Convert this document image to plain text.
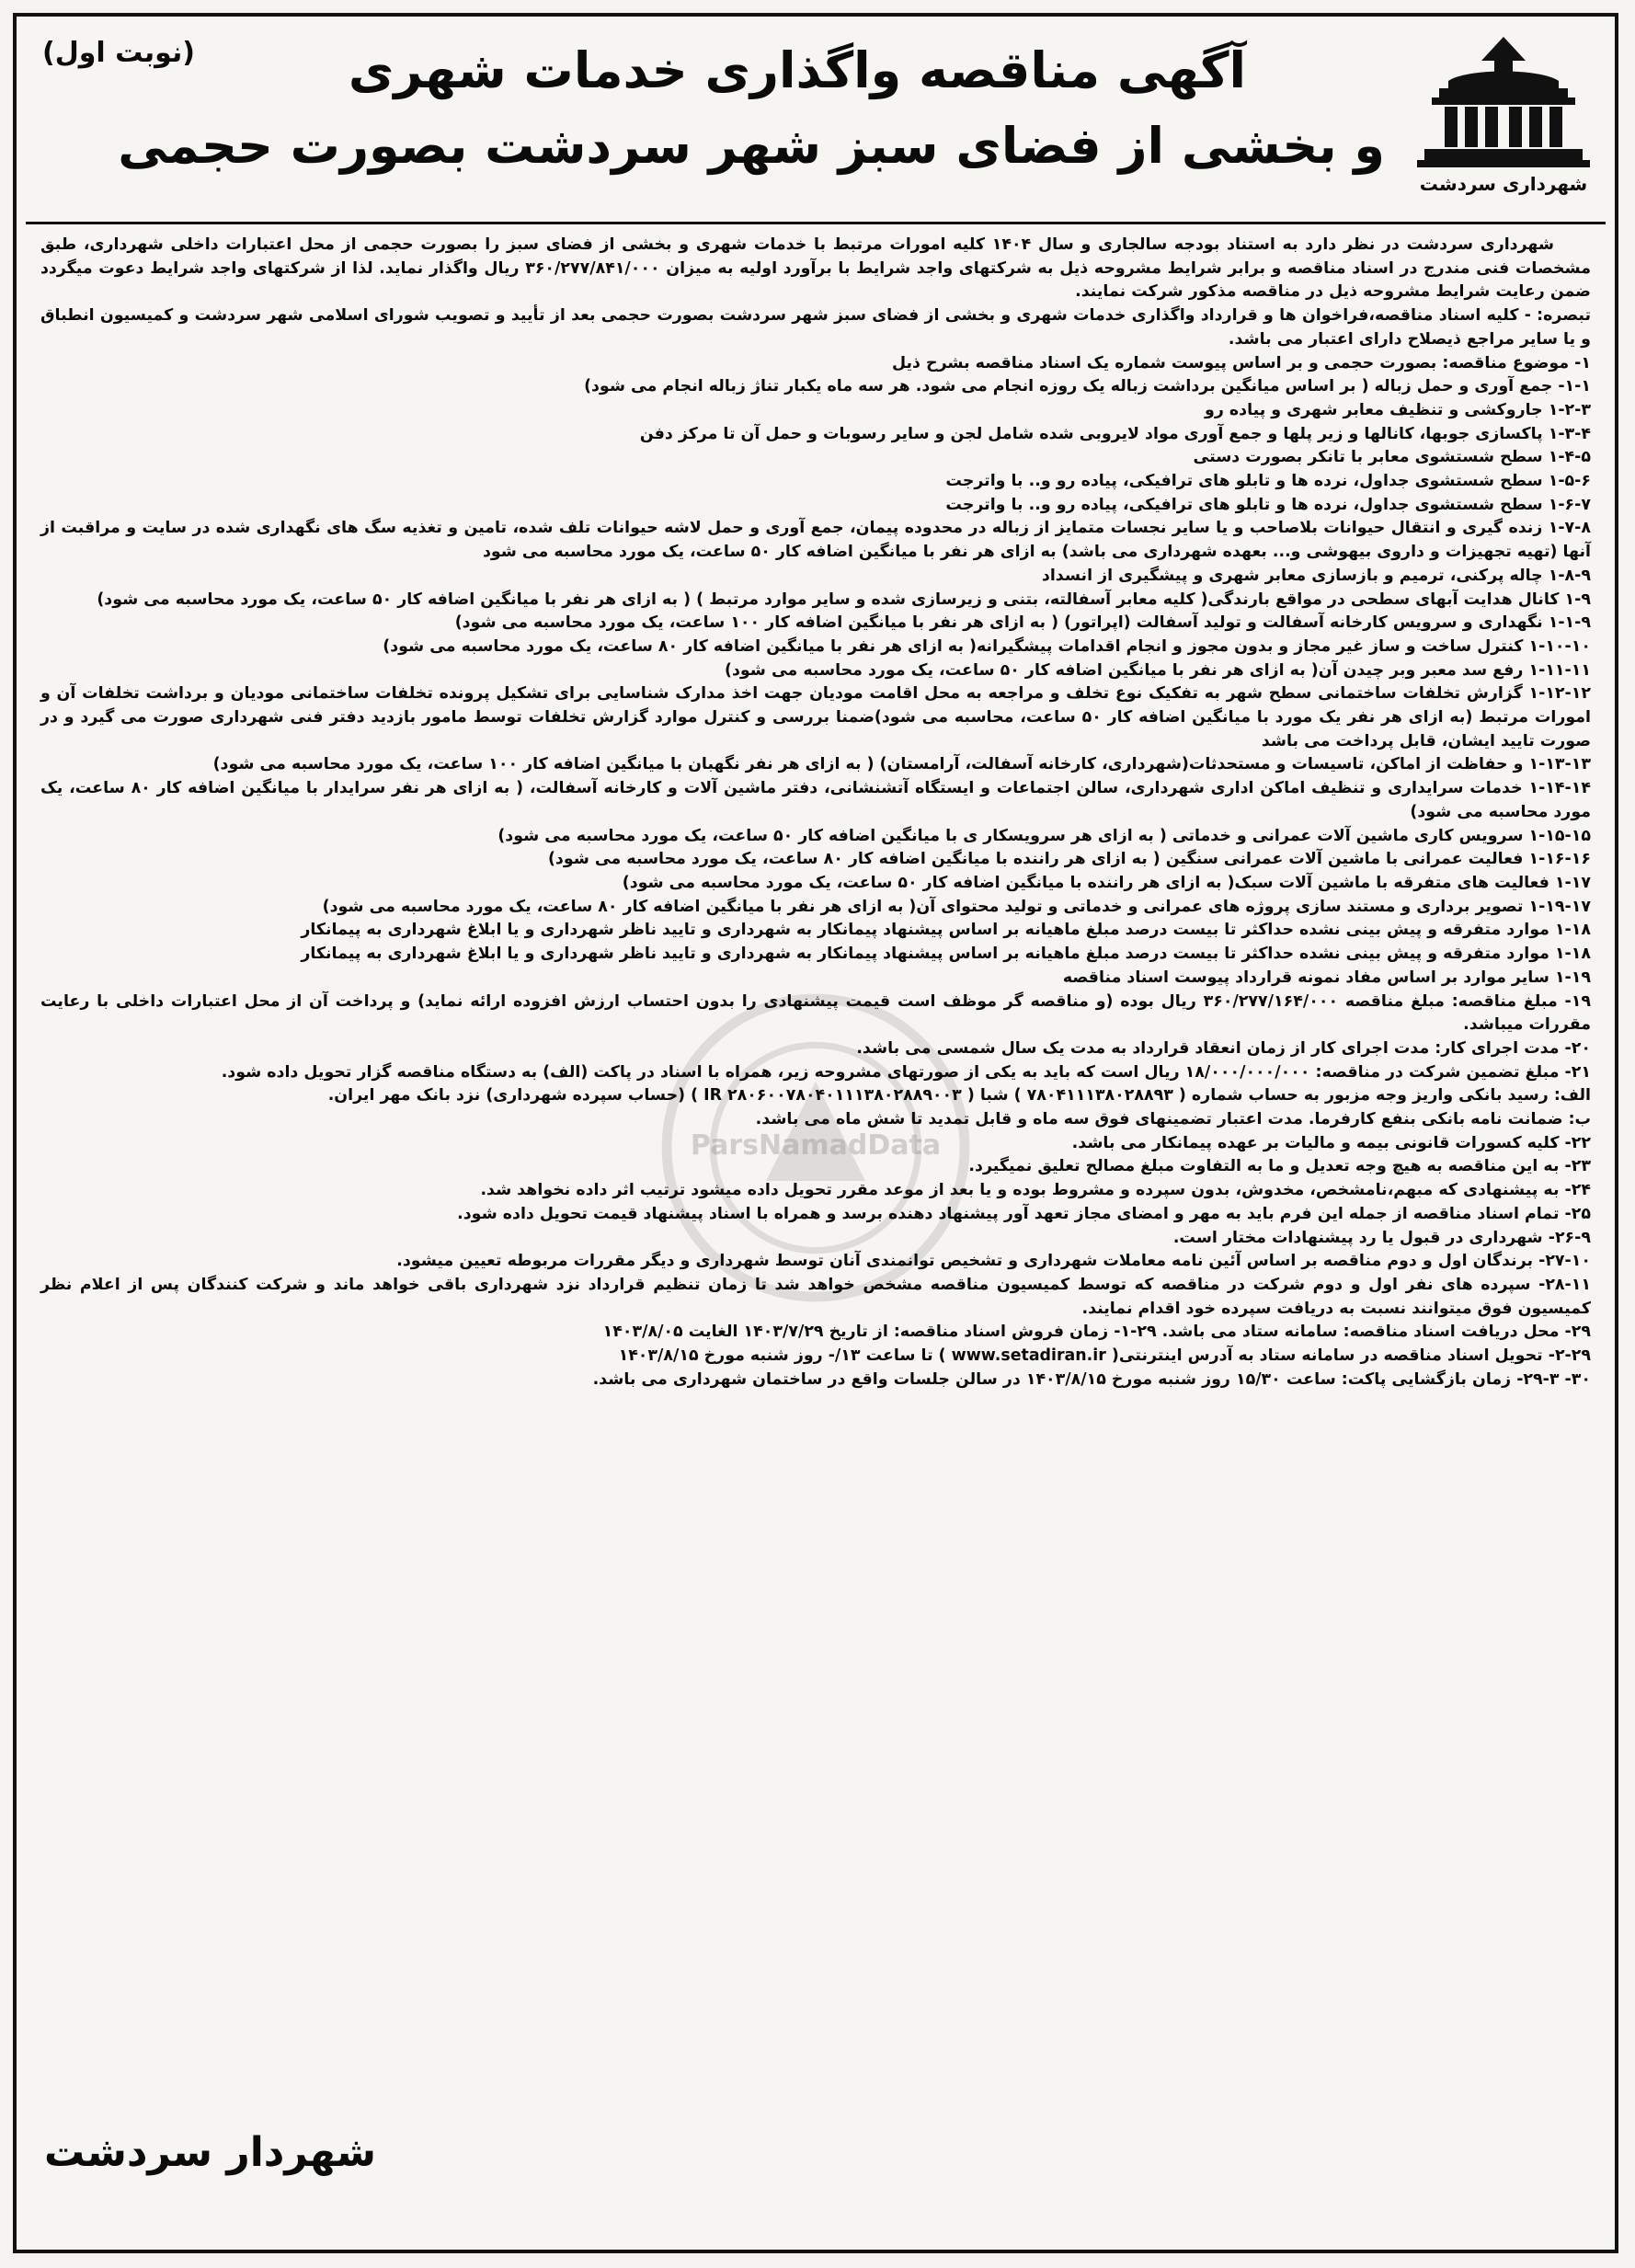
شهرداری سردشت
آگهی مناقصه واگذاری خدمات شهری
و بخشی از فضای سبز شهر سردشت بصورت حجمی
(نوبت اول)
ParsNamadData

شهرداری سردشت در نظر دارد به استناد بودجه سالجاری و سال ۱۴۰۴ کلیه امورات مرتبط با خدمات شهری و بخشی از فضای سبز را بصورت حجمی از محل اعتبارات داخلی شهرداری، طبق مشخصات فنی مندرج در اسناد مناقصه و برابر شرایط مشروحه ذیل به شرکتهای واجد شرایط با برآورد اولیه به میزان ۳۶۰/۲۷۷/۸۴۱/۰۰۰ ریال واگذار نماید. لذا از شرکتهای واجد شرایط دعوت میگردد ضمن رعایت شرایط مشروحه ذیل در مناقصه مذکور شرکت نمایند.

تبصره: - کلیه اسناد مناقصه،فراخوان ها و قرارداد واگذاری خدمات شهری و بخشی از فضای سبز شهر سردشت بصورت حجمی بعد از تأیید و تصویب شورای اسلامی شهر سردشت و کمیسیون انطباق و یا سایر مراجع ذیصلاح دارای اعتبار می باشد.

۱- موضوع مناقصه: بصورت حجمی و بر اساس پیوست شماره یک اسناد مناقصه بشرح ذیل

۱-۱- جمع آوری و حمل زباله ( بر اساس میانگین برداشت زباله یک روزه انجام می شود. هر سه ماه یکبار تناژ زباله انجام می شود)

۱-۲-۳ جاروکشی و تنظیف معابر شهری و پیاده رو

۱-۳-۴ پاکسازی جوبها، کانالها و زیر پلها و جمع آوری مواد لایروبی شده شامل لجن و سایر رسوبات و حمل آن تا مرکز دفن

۱-۴-۵ سطح شستشوی معابر با تانکر بصورت دستی

۱-۵-۶ سطح شستشوی جداول، نرده ها و تابلو های ترافیکی، پیاده رو و.. با واترجت

۱-۶-۷ سطح شستشوی جداول، نرده ها و تابلو های ترافیکی، پیاده رو و.. با واترجت

۱-۷-۸ زنده گیری و انتقال حیوانات بلاصاحب و یا سایر نجسات متمایز از زباله در محدوده پیمان، جمع آوری و حمل لاشه حیوانات تلف شده، تامین و تغذیه سگ های نگهداری شده در سایت و مراقبت از آنها (تهیه تجهیزات و داروی بیهوشی و... بعهده شهرداری می باشد) به ازای هر نفر با میانگین اضافه کار ۵۰ ساعت، یک مورد محاسبه می شود

۱-۸-۹ چاله پرکنی، ترمیم و بازسازی معابر شهری و پیشگیری از انسداد

۱-۹ کانال هدایت آبهای سطحی در مواقع بارندگی( کلیه معابر آسفالته، بتنی و زیرسازی شده و سایر موارد مرتبط ) ( به ازای هر نفر با میانگین اضافه کار ۵۰ ساعت، یک مورد محاسبه می شود)

۱-۱-۹ نگهداری و سرویس کارخانه آسفالت و تولید آسفالت (اپراتور) ( به ازای هر نفر با میانگین اضافه کار ۱۰۰ ساعت، یک مورد محاسبه می شود)

۱-۱۰-۱۰ کنترل ساخت و ساز غیر مجاز و بدون مجوز و انجام اقدامات پیشگیرانه( به ازای هر نفر با میانگین اضافه کار ۸۰ ساعت، یک مورد محاسبه می شود)

۱-۱۱-۱۱ رفع سد معبر وبر چیدن آن( به ازای هر نفر با میانگین اضافه کار ۵۰ ساعت، یک مورد محاسبه می شود)

۱-۱۲-۱۲ گزارش تخلفات ساختمانی سطح شهر به تفکیک نوع تخلف و مراجعه به محل اقامت مودیان جهت اخذ مدارک شناسایی برای تشکیل پرونده تخلفات ساختمانی مودیان و برداشت تخلفات آن و امورات مرتبط (به ازای هر نفر یک مورد با میانگین اضافه کار ۵۰ ساعت، محاسبه می شود)ضمنا بررسی و کنترل موارد گزارش تخلفات توسط مامور بازدید دفتر فنی شهرداری صورت می گیرد و در صورت تایید ایشان، قابل پرداخت می باشد

۱-۱۳-۱۳ و حفاظت از اماکن، تاسیسات و مستحدثات(شهرداری، کارخانه آسفالت، آرامستان) ( به ازای هر نفر نگهبان با میانگین اضافه کار ۱۰۰ ساعت، یک مورد محاسبه می شود)

۱-۱۴-۱۴ خدمات سرایداری و تنظیف اماکن اداری شهرداری، سالن اجتماعات و ایستگاه آتشنشانی، دفتر ماشین آلات و کارخانه آسفالت، ( به ازای هر نفر سرایدار با میانگین اضافه کار ۸۰ ساعت، یک مورد محاسبه می شود)

۱-۱۵-۱۵ سرویس کاری ماشین آلات عمرانی و خدماتی ( به ازای هر سرویسکار ی با میانگین اضافه کار ۵۰ ساعت، یک مورد محاسبه می شود)

۱-۱۶-۱۶ فعالیت عمرانی با ماشین آلات عمرانی سنگین ( به ازای هر راننده با میانگین اضافه کار ۸۰ ساعت، یک مورد محاسبه می شود)

۱-۱۷ فعالیت های متفرقه با ماشین آلات سبک( به ازای هر راننده با میانگین اضافه کار ۵۰ ساعت، یک مورد محاسبه می شود)

۱-۱۹-۱۷ تصویر برداری و مستند سازی پروژه های عمرانی و خدماتی و تولید محتوای آن( به ازای هر نفر با میانگین اضافه کار ۸۰ ساعت، یک مورد محاسبه می شود)

۱-۱۸ موارد متفرقه و پیش بینی نشده حداکثر تا بیست درصد مبلغ ماهیانه بر اساس پیشنهاد پیمانکار به شهرداری و تایید ناظر شهرداری و یا ابلاغ شهرداری به پیمانکار

۱-۱۸ موارد متفرقه و پیش بینی نشده حداکثر تا بیست درصد مبلغ ماهیانه بر اساس پیشنهاد پیمانکار به شهرداری و تایید ناظر شهرداری و یا ابلاغ شهرداری به پیمانکار

۱-۱۹ سایر موارد بر اساس مفاد نمونه قرارداد پیوست اسناد مناقصه

۱۹- مبلغ مناقصه: مبلغ مناقصه ۳۶۰/۲۷۷/۱۶۴/۰۰۰ ریال بوده (و مناقصه گر موظف است قیمت پیشنهادی را بدون احتساب ارزش افزوده ارائه نماید) و پرداخت آن از محل اعتبارات داخلی با رعایت مقررات میباشد.

۲۰- مدت اجرای کار: مدت اجرای کار از زمان انعقاد قرارداد به مدت یک سال شمسی می باشد.

۲۱- مبلغ تضمین شرکت در مناقصه: ۱۸/۰۰۰/۰۰۰/۰۰۰ ریال است که باید به یکی از صورتهای مشروحه زیر، همراه با اسناد در پاکت (الف) به دستگاه مناقصه گزار تحویل داده شود.

الف: رسید بانکی واریز وجه مزبور به حساب شماره ( ۷۸۰۴۱۱۱۳۸۰۲۸۸۹۳ ) شبا ( IR ۲۸۰۶۰۰۷۸۰۴۰۱۱۱۳۸۰۲۸۸۹۰۰۳ ) (حساب سپرده شهرداری) نزد بانک مهر ایران.

ب: ضمانت نامه بانکی بنفع کارفرما. مدت اعتبار تضمینهای فوق سه ماه و قابل تمدید تا شش ماه می باشد.

۲۲- کلیه کسورات قانونی بیمه و مالیات بر عهده پیمانکار می باشد.

۲۳- به این مناقصه به هیچ وجه تعدیل و ما به التفاوت مبلغ مصالح تعلیق نمیگیرد.

۲۴- به پیشنهادی که مبهم،نامشخص، مخدوش، بدون سپرده و مشروط بوده و یا بعد از موعد مقرر تحویل داده میشود ترتیب اثر داده نخواهد شد.

۲۵- تمام اسناد مناقصه از جمله این فرم باید به مهر و امضای مجاز تعهد آور پیشنهاد دهنده برسد و همراه با اسناد پیشنهاد قیمت تحویل داده شود.

۲۶-۹- شهرداری در قبول یا رد پیشنهادات مختار است.

۲۷-۱۰- برندگان اول و دوم مناقصه بر اساس آئین نامه معاملات شهرداری و تشخیص توانمندی آنان توسط شهرداری و دیگر مقررات مربوطه تعیین میشود.

۲۸-۱۱- سپرده های نفر اول و دوم شرکت در مناقصه که توسط کمیسیون مناقصه مشخص خواهد شد تا زمان تنظیم قرارداد نزد شهرداری باقی خواهد ماند و شرکت کنندگان پس از اعلام نظر کمیسیون فوق میتوانند نسبت به دریافت سپرده خود اقدام نمایند.

۲۹- محل دریافت اسناد مناقصه: سامانه ستاد می باشد. ۲۹-۱- زمان فروش اسناد مناقصه: از تاریخ ۱۴۰۳/۷/۲۹ الغایت ۱۴۰۳/۸/۰۵

۲-۲۹- تحویل اسناد مناقصه در سامانه ستاد به آدرس اینترنتی( www.setadiran.ir ) تا ساعت ۱۳/- روز شنبه مورخ ۱۴۰۳/۸/۱۵

۳۰- ۲۹-۳- زمان بازگشایی پاکت: ساعت ۱۵/۳۰ روز شنبه مورخ ۱۴۰۳/۸/۱۵ در سالن جلسات واقع در ساختمان شهرداری می باشد.

شهردار سردشت
